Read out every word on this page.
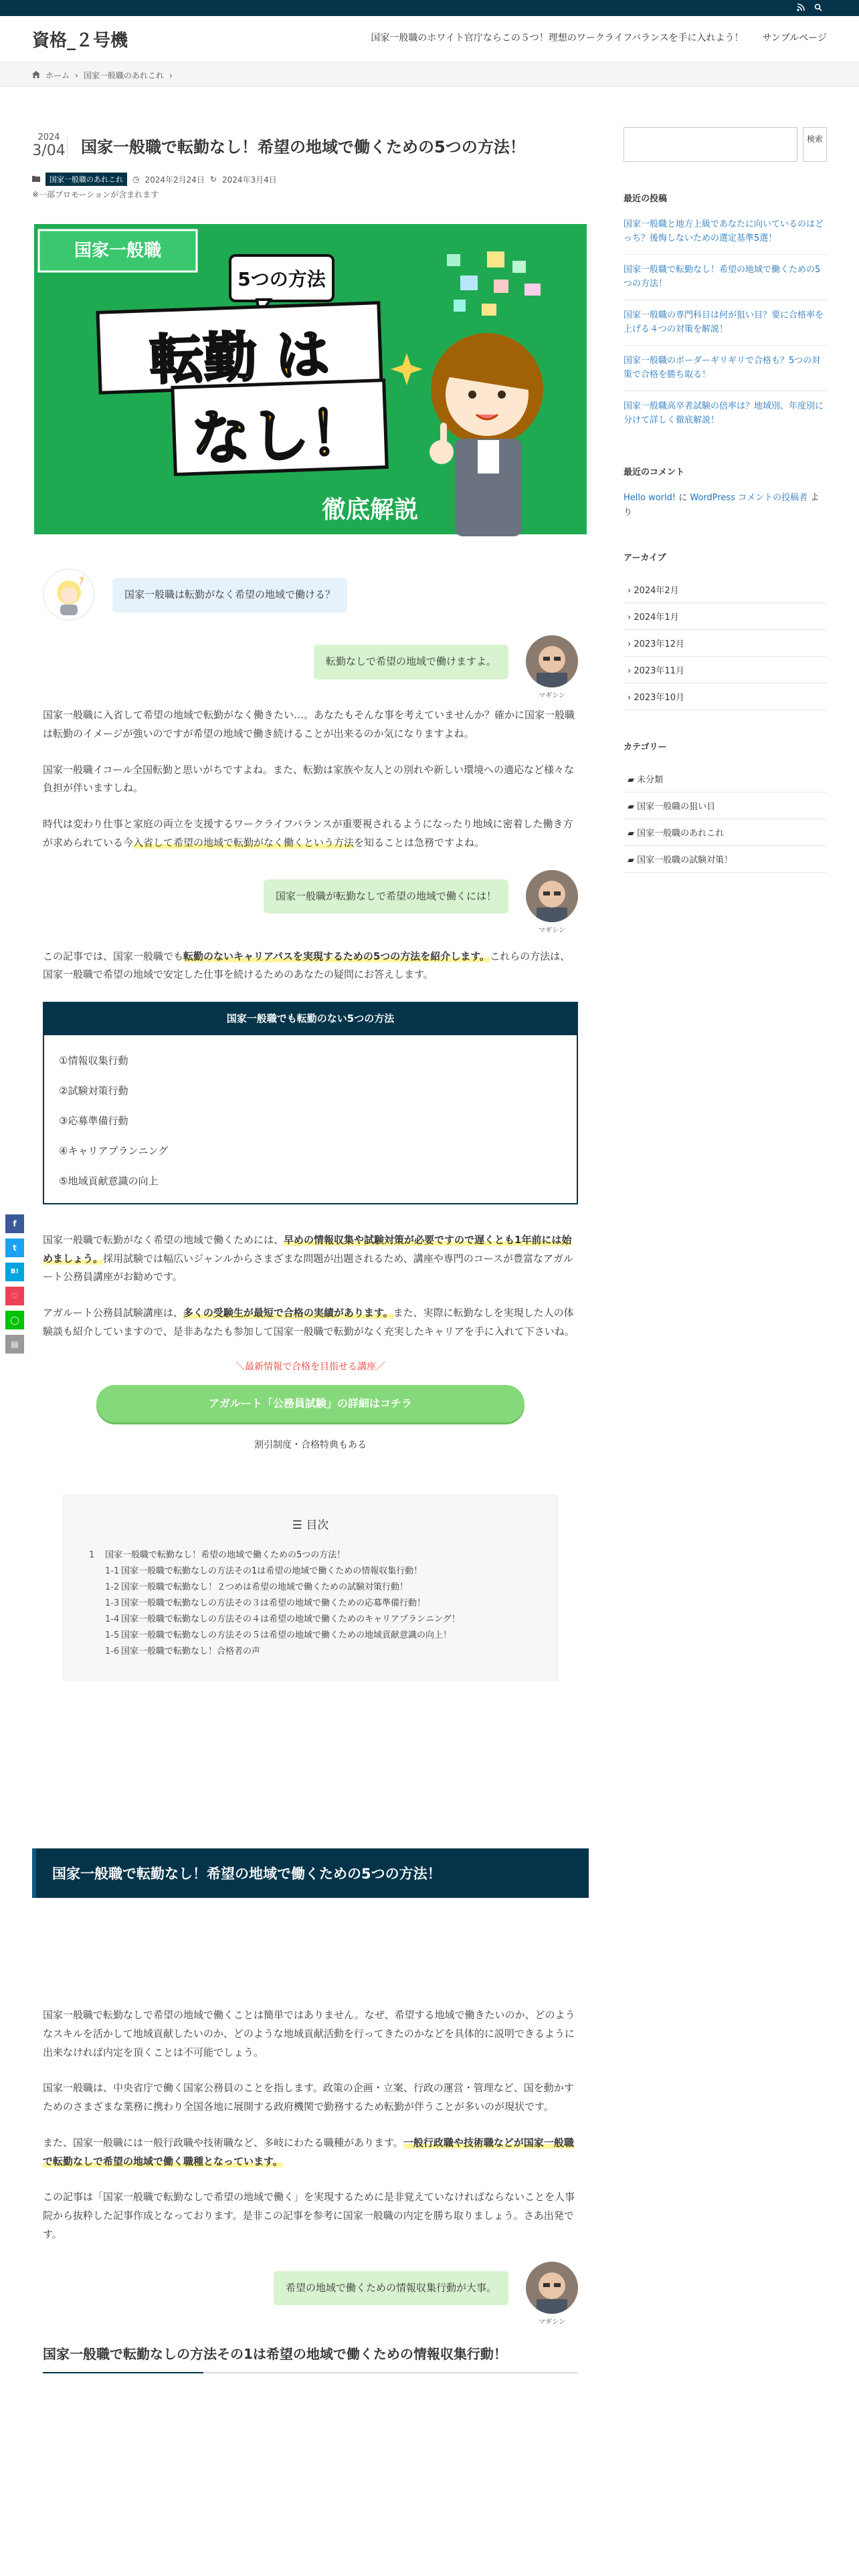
資格_２号機	国家一般職のホワイト官庁ならこの５つ！理想のワークライフバランスを手に入れよう！ サンプルページ
ホーム › 国家一般職のあれこれ ›
2024
3/04 国家一般職で転勤なし！希望の地域で働くための5つの方法！
国家一般職のあれこれ	◷ 2024年2月24日 ↻ 2024年3月4日
※一部プロモーションが含まれます
国家一般職
5つの方法
転勤 は
なし！
徹底解説
?
国家一般職は転勤がなく希望の地域で働ける？
マギシン
転勤なしで希望の地域で働けますよ。

国家一般職に入省して希望の地域で転勤がなく働きたい…。あなたもそんな事を考えていませんか？確かに国家一般職は転勤のイメージが強いのですが希望の地域で働き続けることが出来るのか気になりますよね。

国家一般職イコール全国転勤と思いがちですよね。また、転勤は家族や友人との別れや新しい環境への適応など様々な負担が伴いますしね。

時代は変わり仕事と家庭の両立を支援するワークライフバランスが重要視されるようになったり地域に密着した働き方が求められている今入省して希望の地域で転勤がなく働くという方法を知ることは急務ですよね。

マギシン
国家一般職が転勤なしで希望の地域で働くには！

この記事では、国家一般職でも転勤のないキャリアパスを実現するための5つの方法を紹介します。これらの方法は、国家一般職で希望の地域で安定した仕事を続けるためのあなたの疑問にお答えします。

国家一般職でも転勤のない5つの方法
①情報収集行動
②試験対策行動
③応募準備行動
④キャリアプランニング
⑤地域貢献意識の向上

国家一般職で転勤がなく希望の地域で働くためには、早めの情報収集や試験対策が必要ですので遅くとも1年前には始めましょう。採用試験では幅広いジャンルからさまざまな問題が出題されるため、講座や専門のコースが豊富なアガルート公務員講座がお勧めです。

アガルート公務員試験講座は、多くの受験生が最短で合格の実績があります。また、実際に転勤なしを実現した人の体験談も紹介していますので、是非あなたも参加して国家一般職で転勤がなく充実したキャリアを手に入れて下さいね。

＼最新情報で合格を目指せる講座／
アガルート「公務員試験」の詳細はコチラ
割引制度・合格特典もある
☰ 目次
1 国家一般職で転勤なし！希望の地域で働くための5つの方法！
1-1 国家一般職で転勤なしの方法その1は希望の地域で働くための情報収集行動！
1-2 国家一般職で転勤なし！２つめは希望の地域で働くための試験対策行動！
1-3 国家一般職で転勤なしの方法その３は希望の地域で働くための応募準備行動！
1-4 国家一般職で転勤なしの方法その４は希望の地域で働くためのキャリアプランニング！
1-5 国家一般職で転勤なしの方法その５は希望の地域で働くための地域貢献意識の向上！
1-6 国家一般職で転勤なし！合格者の声
国家一般職で転勤なし！希望の地域で働くための5つの方法！

国家一般職で転勤なしで希望の地域で働くことは簡単ではありません。なぜ、希望する地域で働きたいのか、どのようなスキルを活かして地域貢献したいのか、どのような地域貢献活動を行ってきたのかなどを具体的に説明できるように出来なければ内定を頂くことは不可能でしょう。

国家一般職は、中央省庁で働く国家公務員のことを指します。政策の企画・立案、行政の運営・管理など、国を動かすためのさまざまな業務に携わり全国各地に展開する政府機関で勤務するため転勤が伴うことが多いのが現状です。

また、国家一般職には一般行政職や技術職など、多岐にわたる職種があります。一般行政職や技術職などが国家一般職で転勤なしで希望の地域で働く職種となっています。

この記事は「国家一般職で転勤なしで希望の地域で働く」を実現するために是非覚えていなければならないことを人事院から抜粋した記事作成となっております。是非この記事を参考に国家一般職の内定を勝ち取りましょう。さあ出発です。

マギシン
希望の地域で働くための情報収集行動が大事。
国家一般職で転勤なしの方法その1は希望の地域で働くための情報収集行動！
検索
最近の投稿
国家一般職と地方上級であなたに向いているのはどっち？後悔しないための選定基準5選！
国家一般職で転勤なし！希望の地域で働くための5つの方法！
国家一般職の専門科目は何が狙い目？要に合格率を上げる４つの対策を解説！
国家一般職のボーダーギリギリで合格も？5つの対策で合格を勝ち取る！
国家一般職高卒者試験の倍率は？地域別、年度別に分けて詳しく徹底解説！
最近のコメント
Hello world! に WordPress コメントの投稿者 より
アーカイブ
› 2024年2月
› 2024年1月
› 2023年12月
› 2023年11月
› 2023年10月
カテゴリー
▰ 未分類
▰ 国家一般職の狙い目
▰ 国家一般職のあれこれ
▰ 国家一般職の試験対策！
f
t
B!
♡
◯
▤
